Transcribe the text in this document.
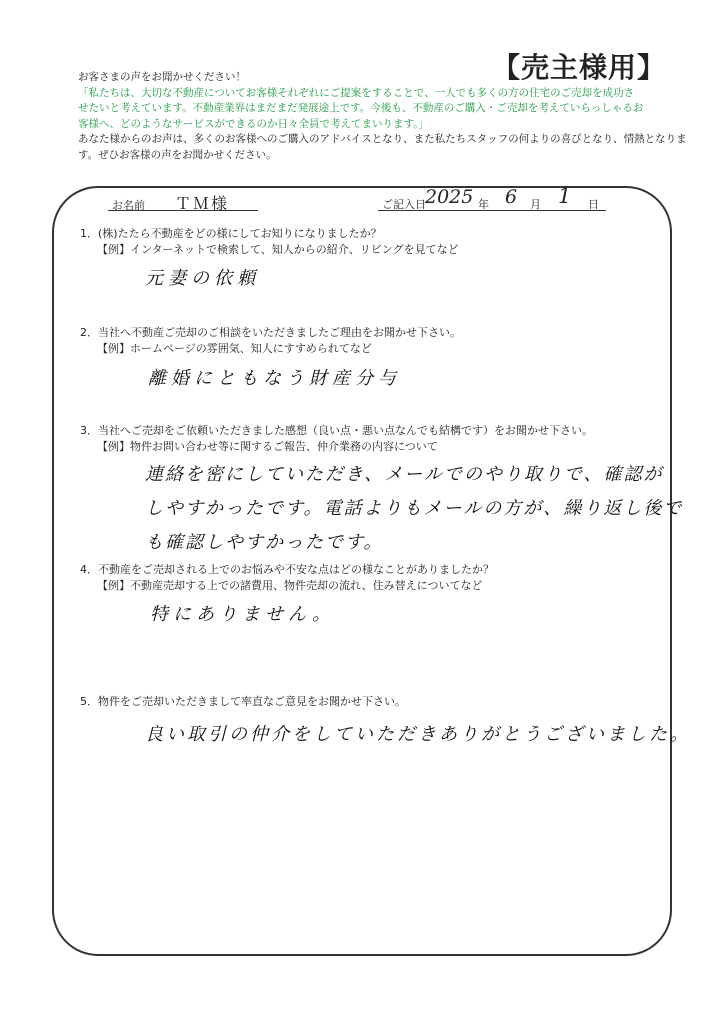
【売主様用】
お客さまの声をお聞かせください！
「私たちは、大切な不動産についてお客様それぞれにご提案をすることで、一人でも多くの方の住宅のご売却を成功さ
せたいと考えています。不動産業界はまだまだ発展途上です。今後も、不動産のご購入・ご売却を考えていらっしゃるお
客様へ、どのようなサービスができるのか日々全員で考えてまいります。」
あなた様からのお声は、多くのお客様へのご購入のアドバイスとなり、また私たちスタッフの何よりの喜びとなり、情熱となりま
す。ぜひお客様の声をお聞かせください。
お名前 ＴＭ様	ご記入日 2025 年 6 月 1 日
1．(株)たたら不動産をどの様にしてお知りになりましたか？
【例】インターネットで検索して、知人からの紹介、リビングを見てなど
元妻の依頼
2．当社へ不動産ご売却のご相談をいただきましたご理由をお聞かせ下さい。
【例】ホームページの雰囲気、知人にすすめられてなど
離婚にともなう財産分与
3．当社へご売却をご依頼いただきました感想（良い点・悪い点なんでも結構です）をお聞かせ下さい。
【例】物件お問い合わせ等に関するご報告、仲介業務の内容について
連絡を密にしていただき、メールでのやり取りで、確認が
しやすかったです。電話よりもメールの方が、繰り返し後で
も確認しやすかったです。
4．不動産をご売却される上でのお悩みや不安な点はどの様なことがありましたか？
【例】不動産売却する上での諸費用、物件売却の流れ、住み替えについてなど
特にありません。
5．物件をご売却いただきまして率直なご意見をお聞かせ下さい。
良い取引の仲介をしていただきありがとうございました。
